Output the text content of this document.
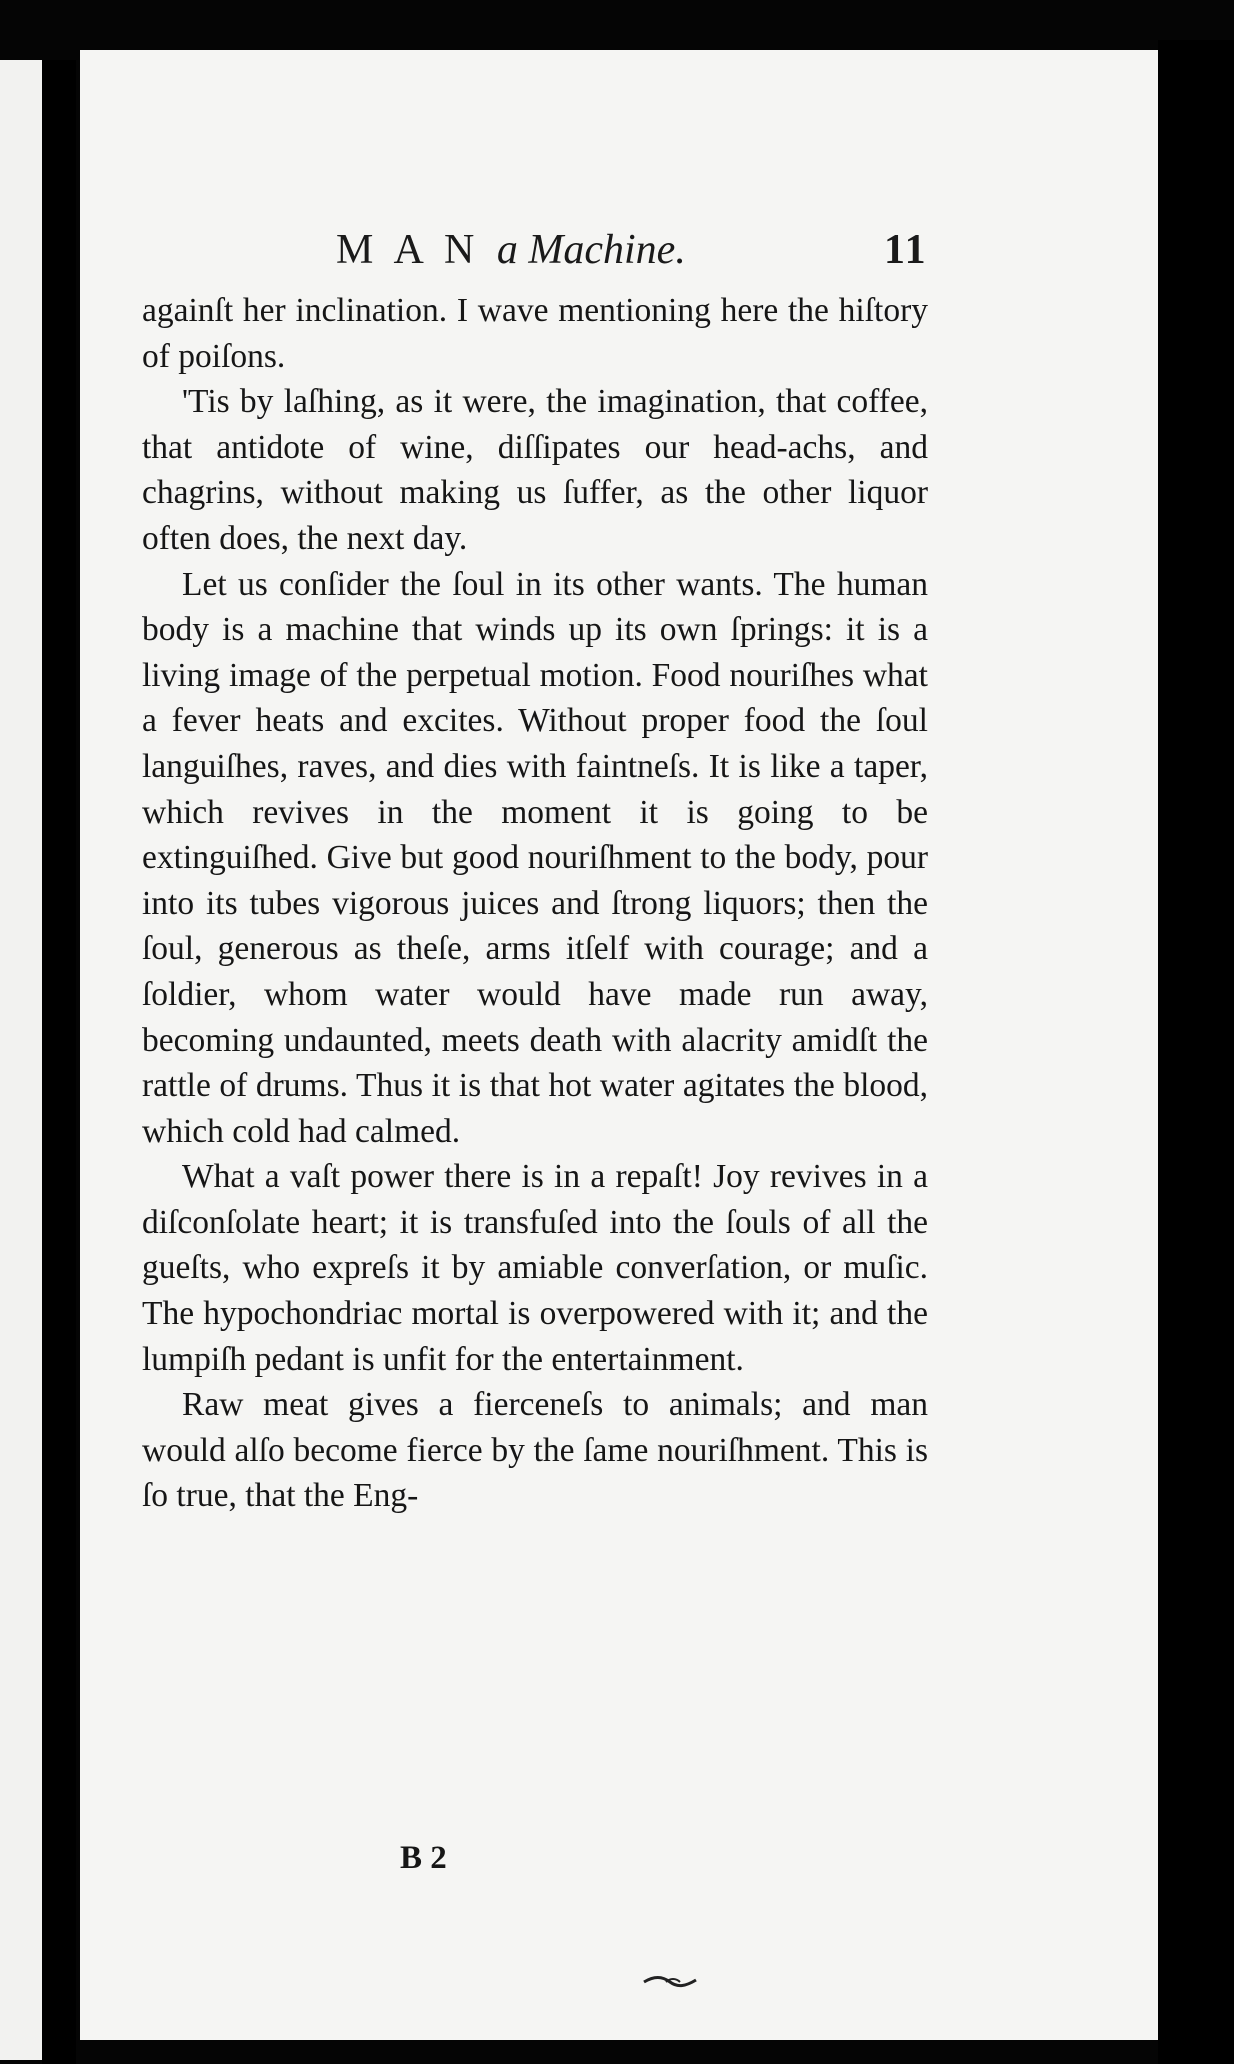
M A N a Machine.	11

againſt her inclination. I wave mentioning here the hiſtory of poiſons.

'Tis by laſhing, as it were, the imagination, that coffee, that antidote of wine, diſſipates our head-achs, and chagrins, without making us ſuffer, as the other liquor often does, the next day.

Let us conſider the ſoul in its other wants. The human body is a machine that winds up its own ſprings: it is a living image of the perpetual motion. Food nouriſhes what a fever heats and excites. Without proper food the ſoul languiſhes, raves, and dies with faintneſs. It is like a taper, which revives in the moment it is going to be extinguiſhed. Give but good nouriſhment to the body, pour into its tubes vigorous juices and ſtrong liquors; then the ſoul, generous as theſe, arms itſelf with courage; and a ſoldier, whom water would have made run away, becoming undaunted, meets death with alacrity amidſt the rattle of drums. Thus it is that hot water agitates the blood, which cold had calmed.

What a vaſt power there is in a repaſt! Joy revives in a diſconſolate heart; it is transfuſed into the ſouls of all the gueſts, who expreſs it by amiable converſation, or muſic. The hypochondriac mortal is overpowered with it; and the lumpiſh pedant is unfit for the entertainment.

Raw meat gives a fierceneſs to animals; and man would alſo become fierce by the ſame nouriſhment. This is ſo true, that the Eng-

B 2
